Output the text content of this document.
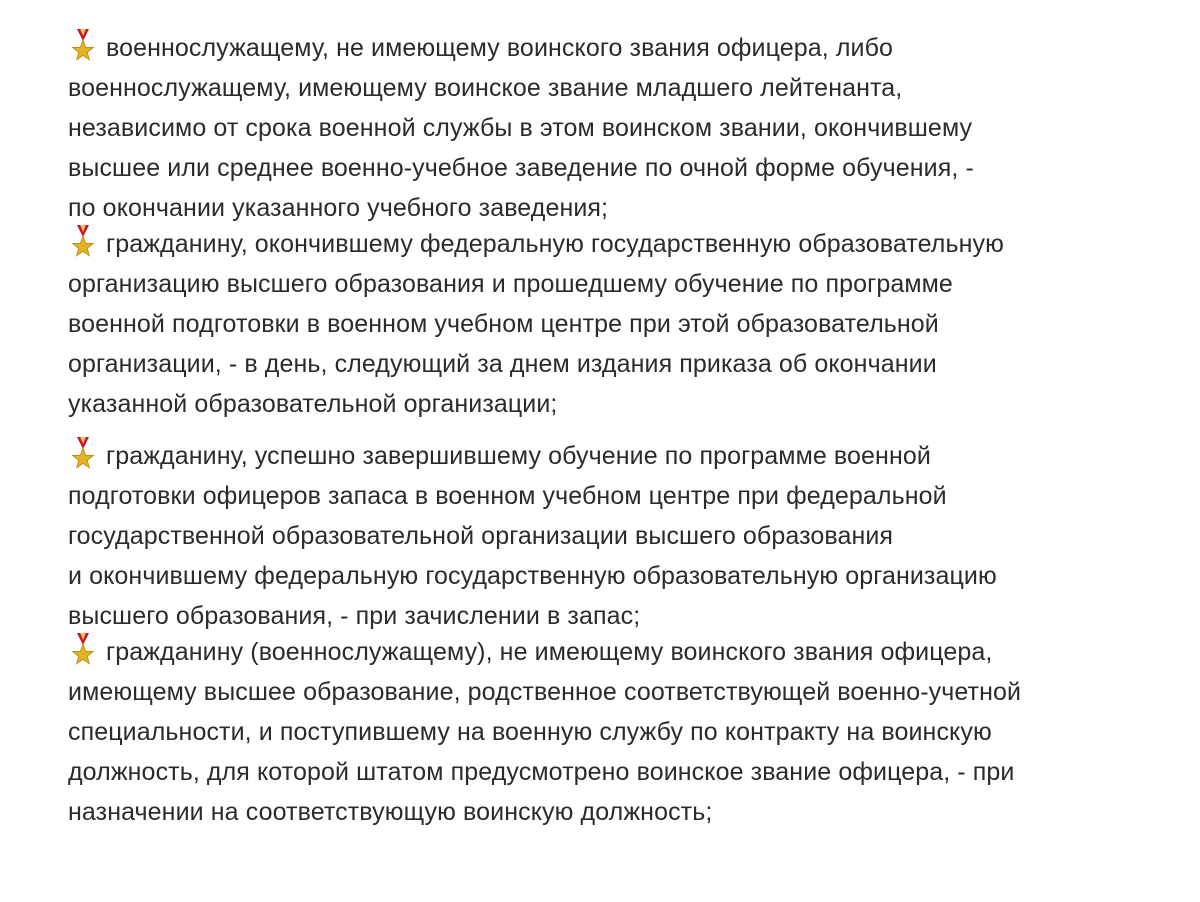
военнослужащему, не имеющему воинского звания офицера, либо
военнослужащему, имеющему воинское звание младшего лейтенанта,
независимо от срока военной службы в этом воинском звании, окончившему
высшее или среднее военно-учебное заведение по очной форме обучения, -
по окончании указанного учебного заведения;
гражданину, окончившему федеральную государственную образовательную
организацию высшего образования и прошедшему обучение по программе
военной подготовки в военном учебном центре при этой образовательной
организации, - в день, следующий за днем издания приказа об окончании
указанной образовательной организации;
гражданину, успешно завершившему обучение по программе военной
подготовки офицеров запаса в военном учебном центре при федеральной
государственной образовательной организации высшего образования
и окончившему федеральную государственную образовательную организацию
высшего образования, - при зачислении в запас;
гражданину (военнослужащему), не имеющему воинского звания офицера,
имеющему высшее образование, родственное соответствующей военно-учетной
специальности, и поступившему на военную службу по контракту на воинскую
должность, для которой штатом предусмотрено воинское звание офицера, - при
назначении на соответствующую воинскую должность;
